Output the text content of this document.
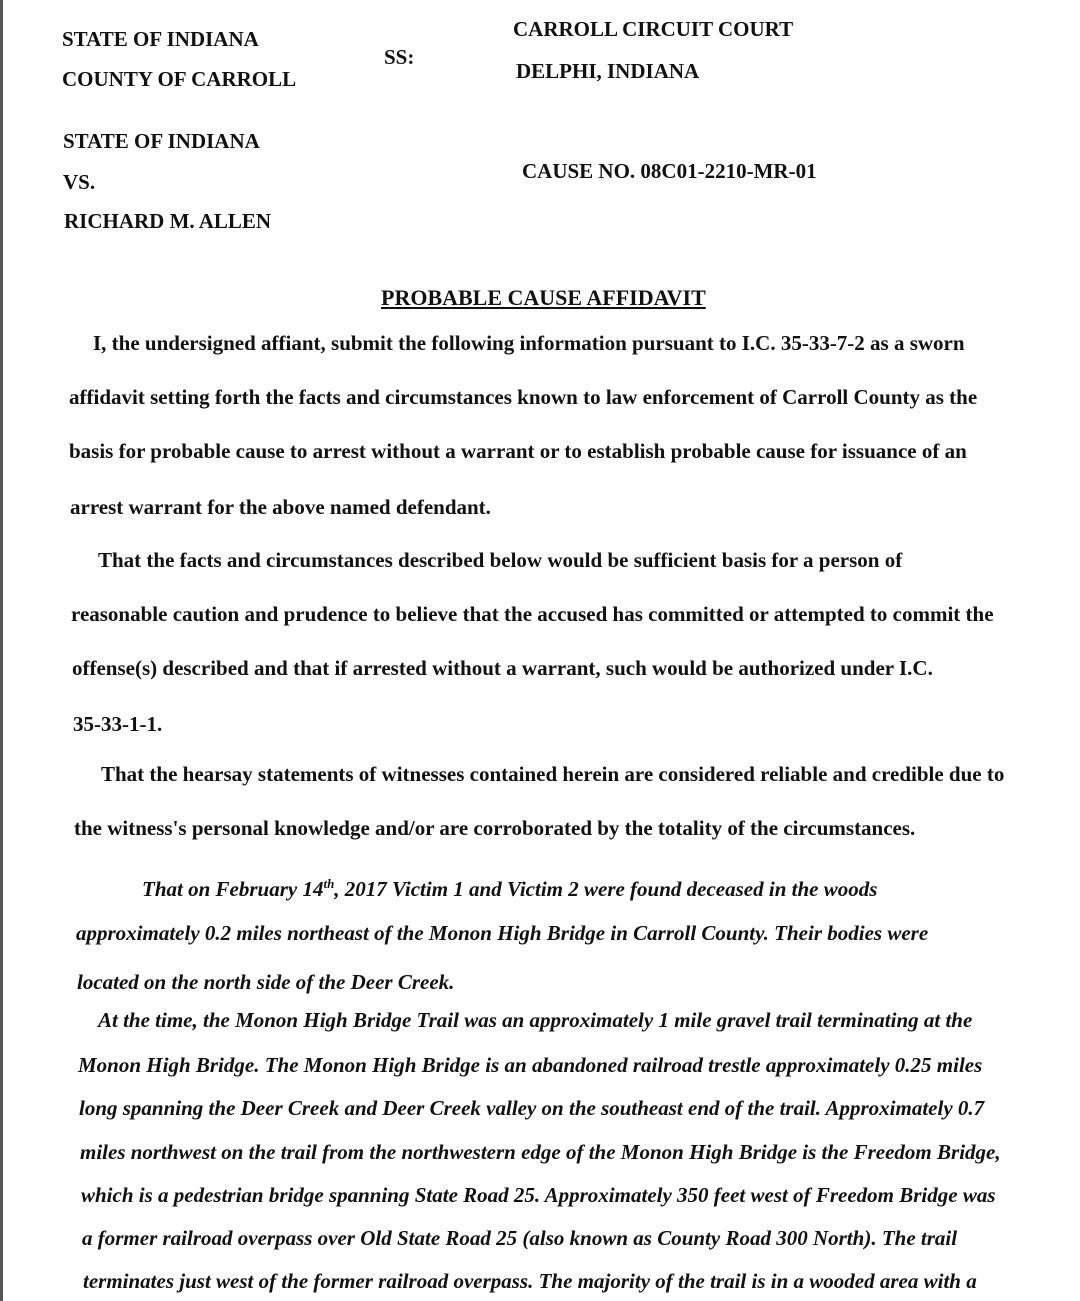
STATE OF INDIANA
COUNTY OF CARROLL
SS:
CARROLL CIRCUIT COURT
DELPHI, INDIANA
STATE OF INDIANA
VS.
RICHARD M. ALLEN
CAUSE NO. 08C01-2210-MR-01
PROBABLE CAUSE AFFIDAVIT
I, the undersigned affiant, submit the following information pursuant to I.C. 35-33-7-2 as a sworn
affidavit setting forth the facts and circumstances known to law enforcement of Carroll County as the
basis for probable cause to arrest without a warrant or to establish probable cause for issuance of an
arrest warrant for the above named defendant.
That the facts and circumstances described below would be sufficient basis for a person of
reasonable caution and prudence to believe that the accused has committed or attempted to commit the
offense(s) described and that if arrested without a warrant, such would be authorized under I.C.
35-33-1-1.
That the hearsay statements of witnesses contained herein are considered reliable and credible due to
the witness's personal knowledge and/or are corroborated by the totality of the circumstances.
That on February 14th, 2017 Victim 1 and Victim 2 were found deceased in the woods
approximately 0.2 miles northeast of the Monon High Bridge in Carroll County. Their bodies were
located on the north side of the Deer Creek.
At the time, the Monon High Bridge Trail was an approximately 1 mile gravel trail terminating at the
Monon High Bridge. The Monon High Bridge is an abandoned railroad trestle approximately 0.25 miles
long spanning the Deer Creek and Deer Creek valley on the southeast end of the trail. Approximately 0.7
miles northwest on the trail from the northwestern edge of the Monon High Bridge is the Freedom Bridge,
which is a pedestrian bridge spanning State Road 25. Approximately 350 feet west of Freedom Bridge was
a former railroad overpass over Old State Road 25 (also known as County Road 300 North). The trail
terminates just west of the former railroad overpass. The majority of the trail is in a wooded area with a
